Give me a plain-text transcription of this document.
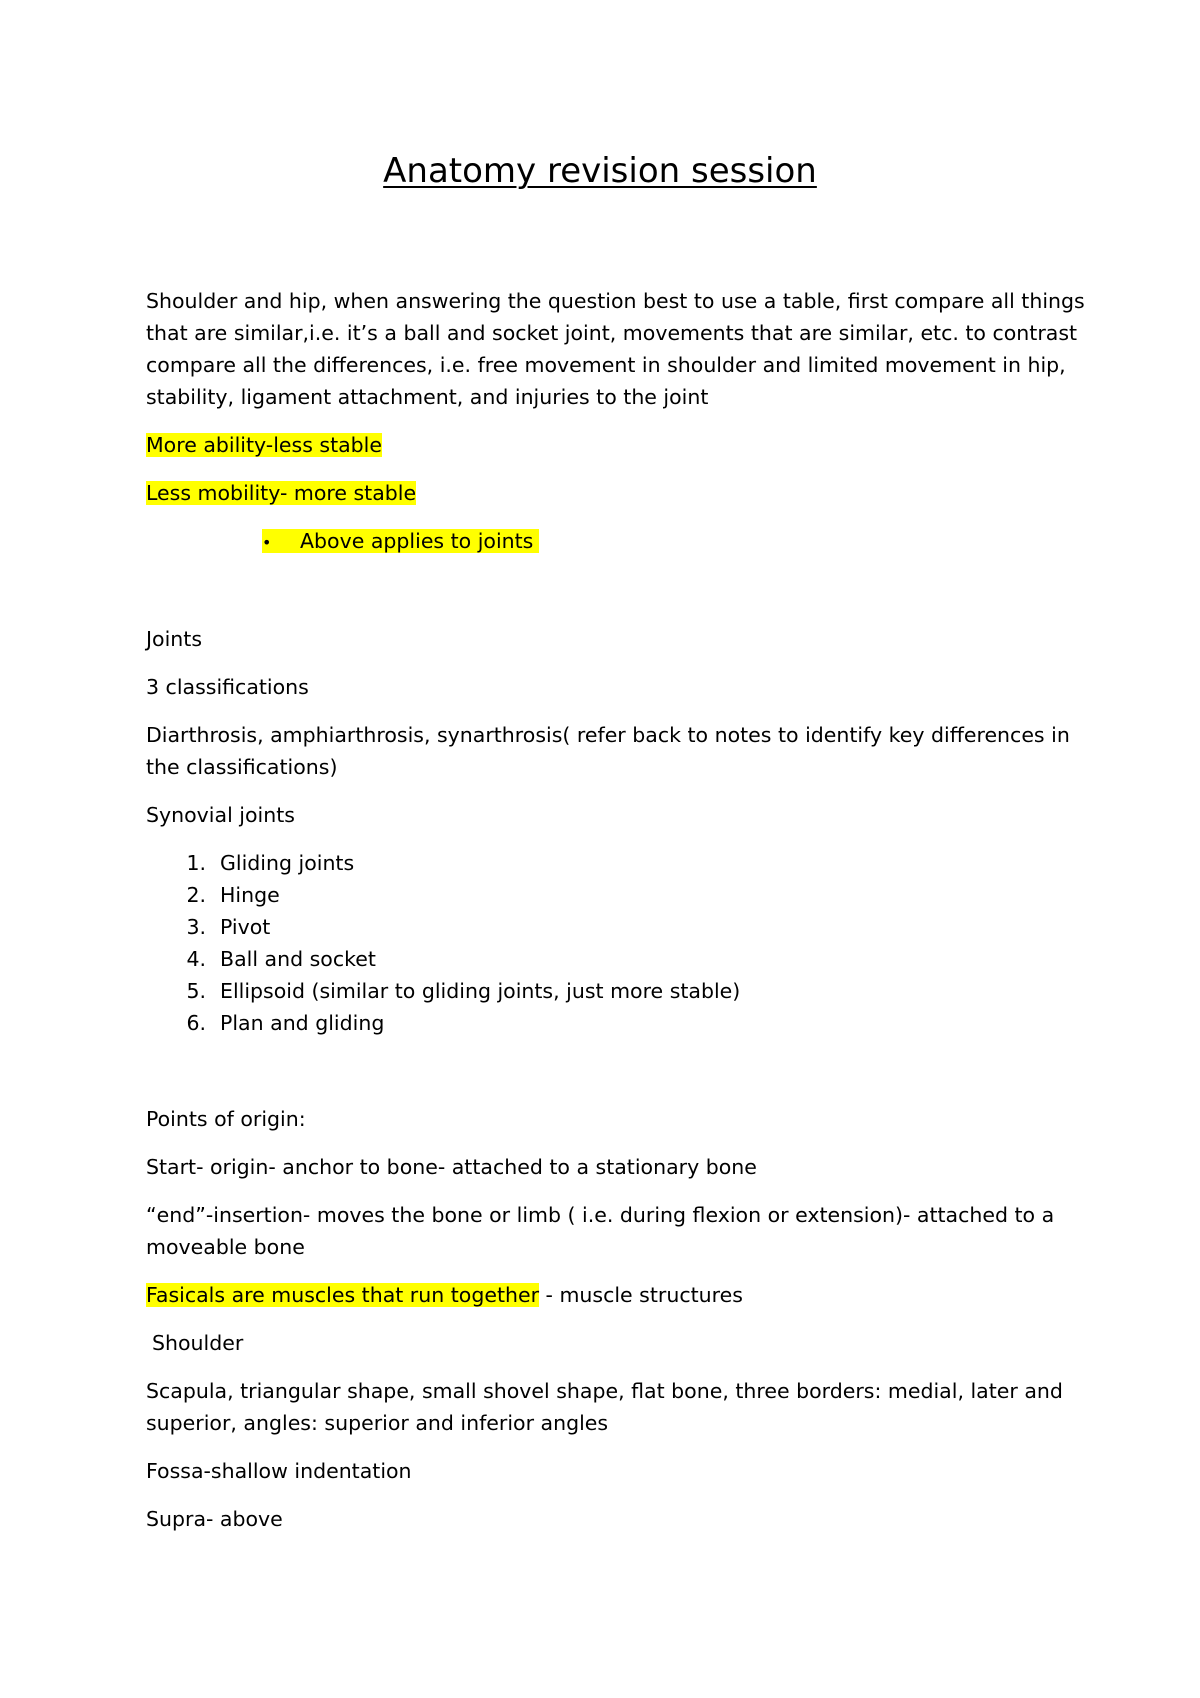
Anatomy revision session

Shoulder and hip, when answering the question best to use a table, first compare all things that are similar,i.e. it’s a ball and socket joint, movements that are similar, etc. to contrast compare all the differences, i.e. free movement in shoulder and limited movement in hip, stability, ligament attachment, and injuries to the joint

More ability-less stable

Less mobility- more stable

• Above applies to joints

Joints

3 classifications

Diarthrosis, amphiarthrosis, synarthrosis( refer back to notes to identify key differences in the classifications)

Synovial joints

1. Gliding joints
2. Hinge
3. Pivot
4. Ball and socket
5. Ellipsoid (similar to gliding joints, just more stable)
6. Plan and gliding

Points of origin:

Start- origin- anchor to bone- attached to a stationary bone

“end”-insertion- moves the bone or limb ( i.e. during flexion or extension)- attached to a moveable bone

Fasicals are muscles that run together - muscle structures

Shoulder

Scapula, triangular shape, small shovel shape, flat bone, three borders: medial, later and superior, angles: superior and inferior angles

Fossa-shallow indentation

Supra- above
